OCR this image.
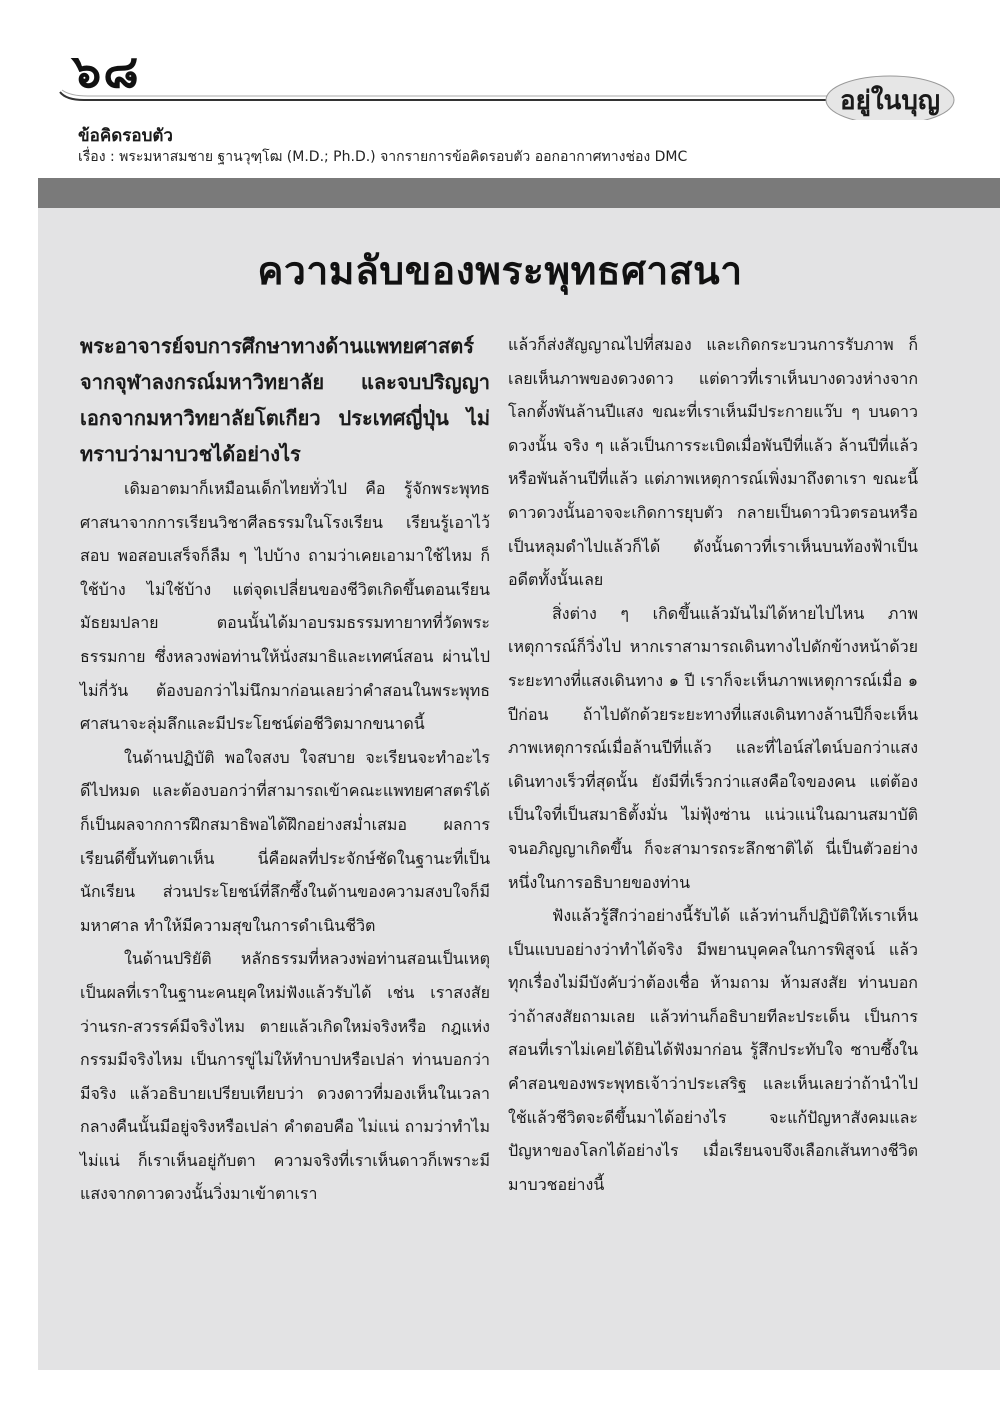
อยู่ในบุญ
๖๘
ข้อคิดรอบตัว
เรื่อง : พระมหาสมชาย ฐานวุฑฺโฒ (M.D.; Ph.D.) จากรายการข้อคิดรอบตัว ออกอากาศทางช่อง DMC
ความลับของพระพุทธศาสนา

พระอาจารย์จบการศึกษาทางด้านแพทยศาสตร์จากจุฬาลงกรณ์มหาวิทยาลัย และจบปริญญาเอกจากมหาวิทยาลัยโตเกียว ประเทศญี่ปุ่น ไม่ทราบว่ามาบวชได้อย่างไร

เดิมอาตมาก็เหมือนเด็กไทยทั่วไป คือ รู้จักพระพุทธศาสนาจากการเรียนวิชาศีลธรรมในโรงเรียน เรียนรู้เอาไว้สอบ พอสอบเสร็จก็ลืม ๆ ไปบ้าง ถามว่าเคยเอามาใช้ไหม ก็ใช้บ้าง ไม่ใช้บ้าง แต่จุดเปลี่ยนของชีวิตเกิดขึ้นตอนเรียนมัธยมปลาย ตอนนั้นได้มาอบรมธรรมทายาทที่วัดพระธรรมกาย ซึ่งหลวงพ่อท่านให้นั่งสมาธิและเทศน์สอน ผ่านไปไม่กี่วัน ต้องบอกว่าไม่นึกมาก่อนเลยว่าคำสอนในพระพุทธศาสนาจะลุ่มลึกและมีประโยชน์ต่อชีวิตมากขนาดนี้

ในด้านปฏิบัติ พอใจสงบ ใจสบาย จะเรียนจะทำอะไร ดีไปหมด และต้องบอกว่าที่สามารถเข้าคณะแพทยศาสตร์ได้ ก็เป็นผลจากการฝึกสมาธิพอได้ฝึกอย่างสม่ำเสมอ ผลการเรียนดีขึ้นทันตาเห็น นี่คือผลที่ประจักษ์ชัดในฐานะที่เป็นนักเรียน ส่วนประโยชน์ที่ลึกซึ้งในด้านของความสงบใจก็มีมหาศาล ทำให้มีความสุขในการดำเนินชีวิต

ในด้านปริยัติ หลักธรรมที่หลวงพ่อท่านสอนเป็นเหตุเป็นผลที่เราในฐานะคนยุคใหม่ฟังแล้วรับได้ เช่น เราสงสัยว่านรก-สวรรค์มีจริงไหม ตายแล้วเกิดใหม่จริงหรือ กฎแห่งกรรมมีจริงไหม เป็นการขู่ไม่ให้ทำบาปหรือเปล่า ท่านบอกว่ามีจริง แล้วอธิบายเปรียบเทียบว่า ดวงดาวที่มองเห็นในเวลากลางคืนนั้นมีอยู่จริงหรือเปล่า คำตอบคือ ไม่แน่ ถามว่าทำไมไม่แน่ ก็เราเห็นอยู่กับตา ความจริงที่เราเห็นดาวก็เพราะมีแสงจากดาวดวงนั้นวิ่งมาเข้าตาเรา

แล้วก็ส่งสัญญาณไปที่สมอง และเกิดกระบวนการรับภาพ ก็เลยเห็นภาพของดวงดาว แต่ดาวที่เราเห็นบางดวงห่างจากโลกตั้งพันล้านปีแสง ขณะที่เราเห็นมีประกายแว๊บ ๆ บนดาวดวงนั้น จริง ๆ แล้วเป็นการระเบิดเมื่อพันปีที่แล้ว ล้านปีที่แล้ว หรือพันล้านปีที่แล้ว แต่ภาพเหตุการณ์เพิ่งมาถึงตาเรา ขณะนี้ดาวดวงนั้นอาจจะเกิดการยุบตัว กลายเป็นดาวนิวตรอนหรือเป็นหลุมดำไปแล้วก็ได้ ดังนั้นดาวที่เราเห็นบนท้องฟ้าเป็นอดีตทั้งนั้นเลย

สิ่งต่าง ๆ เกิดขึ้นแล้วมันไม่ได้หายไปไหน ภาพเหตุการณ์ก็วิ่งไป หากเราสามารถเดินทางไปดักข้างหน้าด้วยระยะทางที่แสงเดินทาง ๑ ปี เราก็จะเห็นภาพเหตุการณ์เมื่อ ๑ ปีก่อน ถ้าไปดักด้วยระยะทางที่แสงเดินทางล้านปีก็จะเห็นภาพเหตุการณ์เมื่อล้านปีที่แล้ว และที่ไอน์สไตน์บอกว่าแสงเดินทางเร็วที่สุดนั้น ยังมีที่เร็วกว่าแสงคือใจของคน แต่ต้องเป็นใจที่เป็นสมาธิตั้งมั่น ไม่ฟุ้งซ่าน แน่วแน่ในฌานสมาบัติจนอภิญญาเกิดขึ้น ก็จะสามารถระลึกชาติได้ นี่เป็นตัวอย่างหนึ่งในการอธิบายของท่าน

ฟังแล้วรู้สึกว่าอย่างนี้รับได้ แล้วท่านก็ปฏิบัติให้เราเห็นเป็นแบบอย่างว่าทำได้จริง มีพยานบุคคลในการพิสูจน์ แล้วทุกเรื่องไม่มีบังคับว่าต้องเชื่อ ห้ามถาม ห้ามสงสัย ท่านบอกว่าถ้าสงสัยถามเลย แล้วท่านก็อธิบายทีละประเด็น เป็นการสอนที่เราไม่เคยได้ยินได้ฟังมาก่อน รู้สึกประทับใจ ซาบซึ้งในคำสอนของพระพุทธเจ้าว่าประเสริฐ และเห็นเลยว่าถ้านำไปใช้แล้วชีวิตจะดีขึ้นมาได้อย่างไร จะแก้ปัญหาสังคมและปัญหาของโลกได้อย่างไร เมื่อเรียนจบจึงเลือกเส้นทางชีวิตมาบวชอย่างนี้
